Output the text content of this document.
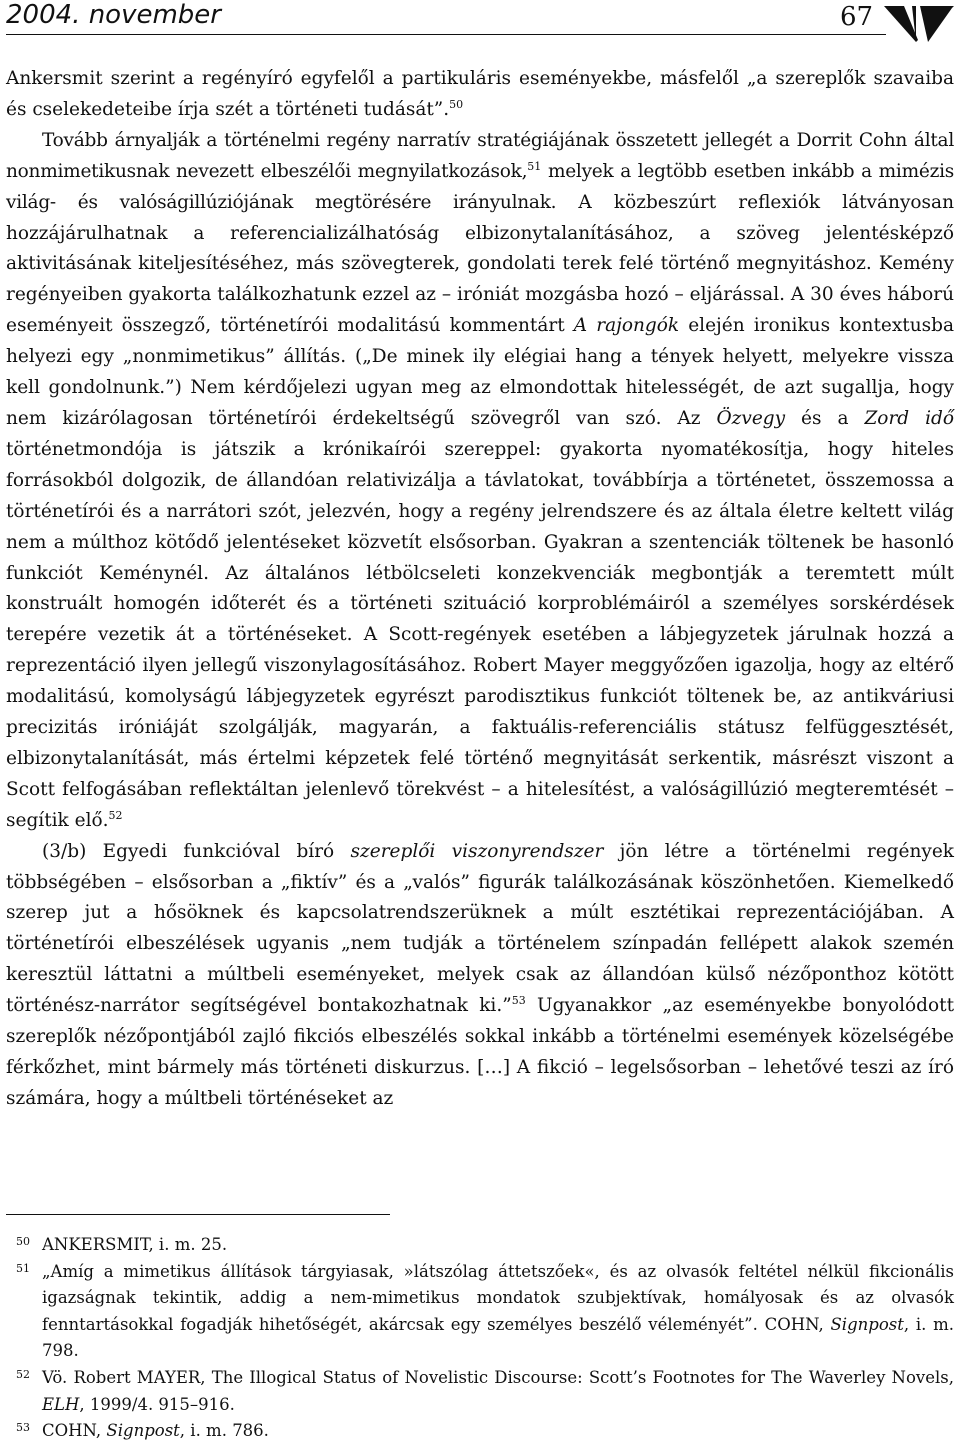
2004. november	67

Ankersmit szerint a regényíró egyfelől a partikuláris eseményekbe, másfelől „a szereplők szavaiba és cselekedeteibe írja szét a történeti tudását”.$^{50}$

Tovább árnyalják a történelmi regény narratív stratégiájának összetett jellegét a Dorrit Cohn által nonmimetikusnak nevezett elbeszélői megnyilatkozások,$^{51}$ melyek a legtöbb esetben inkább a mimézis világ- és valóságillúziójának megtörésére irányulnak. A közbeszúrt reflexiók látványosan hozzájárulhatnak a referencializálhatóság elbizonytalanításához, a szöveg jelentésképző aktivitásának kiteljesítéséhez, más szövegterek, gondolati terek felé történő megnyitáshoz. Kemény regényeiben gyakorta találkozhatunk ezzel az – iróniát mozgásba hozó – eljárással. A 30 éves háború eseményeit összegző, történetírói modalitású kommentárt A rajongók elején ironikus kontextusba helyezi egy „nonmimetikus” állítás. („De minek ily elégiai hang a tények helyett, melyekre vissza kell gondolnunk.”) Nem kérdőjelezi ugyan meg az elmondottak hitelességét, de azt sugallja, hogy nem kizárólagosan történetírói érdekeltségű szövegről van szó. Az Özvegy és a Zord idő történetmondója is játszik a krónikaírói szereppel: gyakorta nyomatékosítja, hogy hiteles forrásokból dolgozik, de állandóan relativizálja a távlatokat, továbbírja a történetet, összemossa a történetírói és a narrátori szót, jelezvén, hogy a regény jelrendszere és az általa életre keltett világ nem a múlthoz kötődő jelentéseket közvetít elsősorban. Gyakran a szentenciák töltenek be hasonló funkciót Keménynél. Az általános létbölcseleti konzekvenciák megbontják a teremtett múlt konstruált homogén időterét és a történeti szituáció korproblémáiról a személyes sorskérdések terepére vezetik át a történéseket. A Scott-regények esetében a lábjegyzetek járulnak hozzá a reprezentáció ilyen jellegű viszonylagosításához. Robert Mayer meggyőzően igazolja, hogy az eltérő modalitású, komolyságú lábjegyzetek egyrészt parodisztikus funkciót töltenek be, az antikváriusi precizitás iróniáját szolgálják, magyarán, a faktuális-referenciális státusz felfüggesztését, elbizonytalanítását, más értelmi képzetek felé történő megnyitását serkentik, másrészt viszont a Scott felfogásában reflektáltan jelenlevő törekvést – a hitelesítést, a valóságillúzió megteremtését – segítik elő.$^{52}$

(3/b) Egyedi funkcióval bíró szereplői viszonyrendszer jön létre a történelmi regények többségében – elsősorban a „fiktív” és a „valós” figurák találkozásának köszönhetően. Kiemelkedő szerep jut a hősöknek és kapcsolatrendszerüknek a múlt esztétikai reprezentációjában. A történetírói elbeszélések ugyanis „nem tudják a történelem színpadán fellépett alakok szemén keresztül láttatni a múltbeli eseményeket, melyek csak az állandóan külső nézőponthoz kötött történész-narrátor segítségével bontakozhatnak ki.”$^{53}$ Ugyanakkor „az eseményekbe bonyolódott szereplők nézőpontjából zajló fikciós elbeszélés sokkal inkább a történelmi események közelségébe férkőzhet, mint bármely más történeti diskurzus. […] A fikció – legelsősorban – lehetővé teszi az író számára, hogy a múltbeli történéseket az

50 ANKERSMIT, i. m. 25.
51 „Amíg a mimetikus állítások tárgyiasak, »látszólag áttetszőek«, és az olvasók feltétel nélkül fikcionális igazságnak tekintik, addig a nem-mimetikus mondatok szubjektívak, homályosak és az olvasók fenntartásokkal fogadják hihetőségét, akárcsak egy személyes beszélő véleményét”. COHN, Signpost, i. m. 798.
52 Vö. Robert MAYER, The Illogical Status of Novelistic Discourse: Scott’s Footnotes for The Waverley Novels, ELH, 1999/4. 915–916.
53 COHN, Signpost, i. m. 786.
